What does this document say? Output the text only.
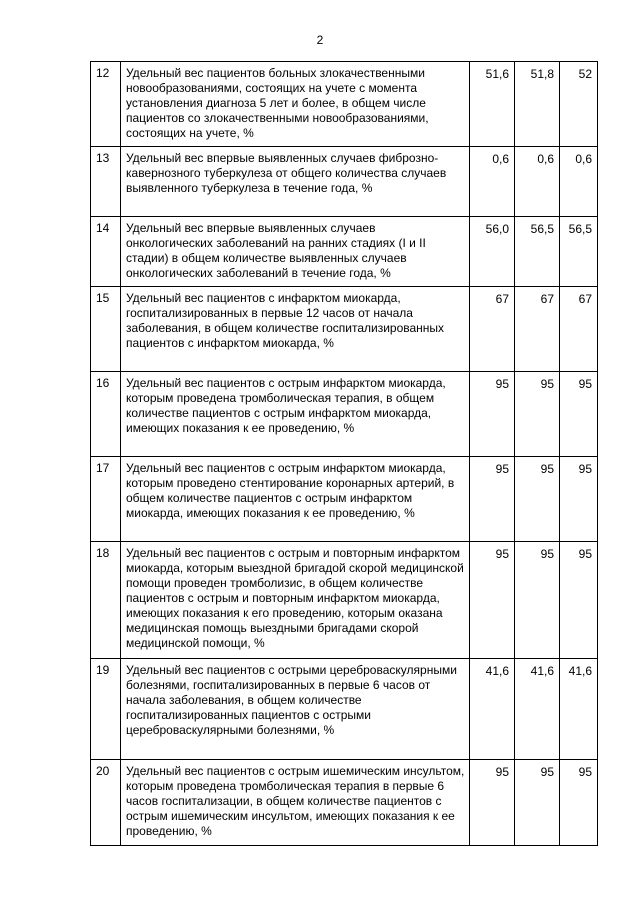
2
12	Удельный вес пациентов больных злокачественными новообразованиями, состоящих на учете с момента установления диагноза 5 лет и более, в общем числе пациентов со злокачественными новообразованиями, состоящих на учете, %	51,6	51,8	52
13	Удельный вес впервые выявленных случаев фиброзно-кавернозного туберкулеза от общего количества случаев выявленного туберкулеза в течение года, %	0,6	0,6	0,6
14	Удельный вес впервые выявленных случаев онкологических заболеваний на ранних стадиях (I и II стадии) в общем количестве выявленных случаев онкологических заболеваний в течение года, %	56,0	56,5	56,5
15	Удельный вес пациентов с инфарктом миокарда, госпитализированных в первые 12 часов от начала заболевания, в общем количестве госпитализированных пациентов с инфарктом миокарда, %	67	67	67
16	Удельный вес пациентов с острым инфарктом миокарда, которым проведена тромболическая терапия, в общем количестве пациентов с острым инфарктом миокарда, имеющих показания к ее проведению, %	95	95	95
17	Удельный вес пациентов с острым инфарктом миокарда, которым проведено стентирование коронарных артерий, в общем количестве пациентов с острым инфарктом миокарда, имеющих показания к ее проведению, %	95	95	95
18	Удельный вес пациентов с острым и повторным инфарктом миокарда, которым выездной бригадой скорой медицинской помощи проведен тромболизис, в общем количестве пациентов с острым и повторным инфарктом миокарда, имеющих показания к его проведению, которым оказана медицинская помощь выездными бригадами скорой медицинской помощи, %	95	95	95
19	Удельный вес пациентов с острыми цереброваскулярными болезнями, госпитализированных в первые 6 часов от начала заболевания, в общем количестве госпитализированных пациентов с острыми цереброваскулярными болезнями, %	41,6	41,6	41,6
20	Удельный вес пациентов с острым ишемическим инсультом, которым проведена тромболическая терапия в первые 6 часов госпитализации, в общем количестве пациентов с острым ишемическим инсультом, имеющих показания к ее проведению, %	95	95	95
